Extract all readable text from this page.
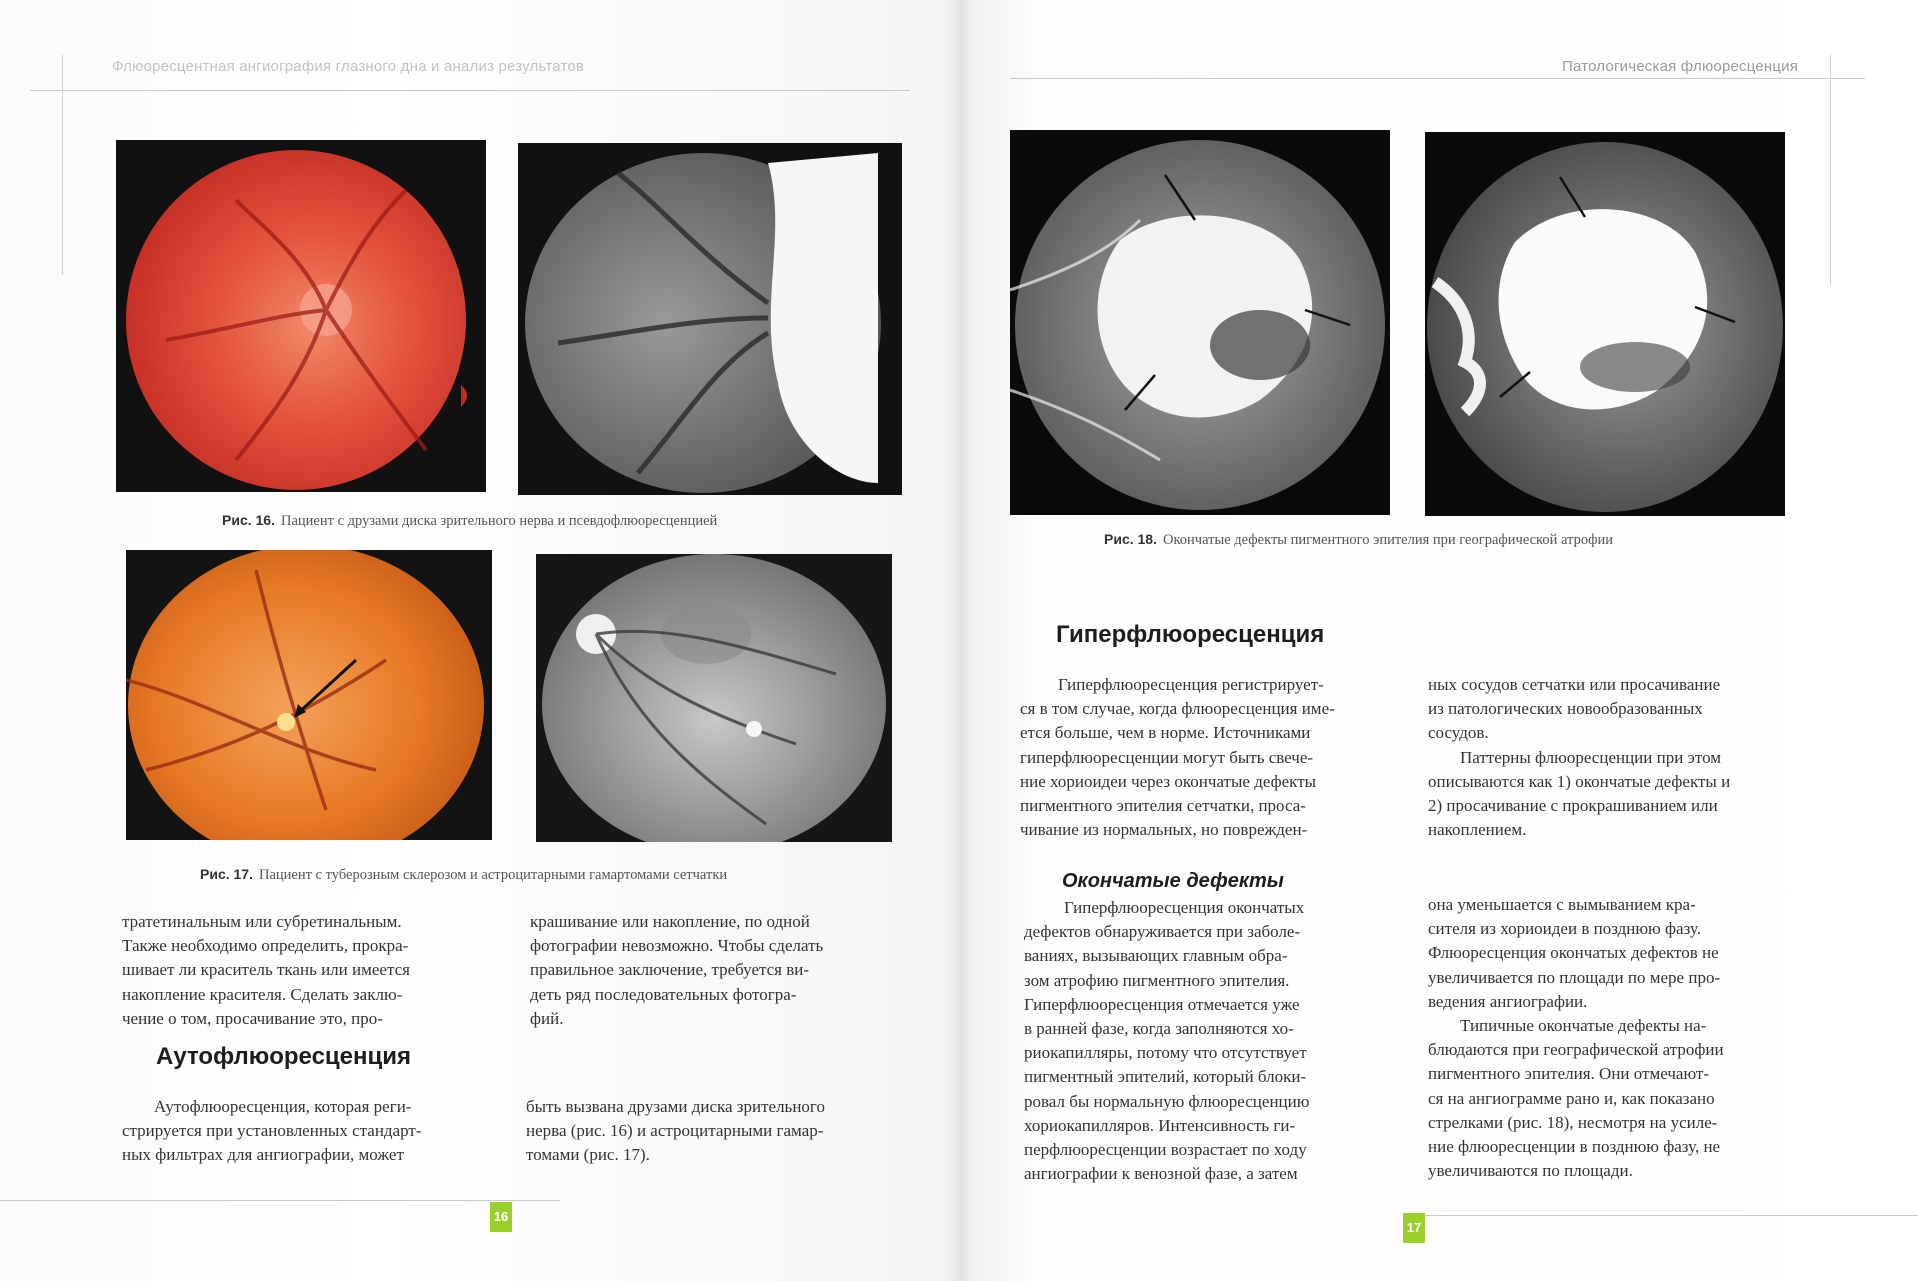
Флюоресцентная ангиография глазного дна и анализ результатов
Рис. 16. Пациент с друзами диска зрительного нерва и псевдофлюоресценцией
Рис. 17. Пациент с туберозным склерозом и астроцитарными гамартомами сетчатки
тратетинальным или субретинальным.
Также необходимо определить, прокра-
шивает ли краситель ткань или имеется
накопление красителя. Сделать заклю-
чение о том, просачивание это, про-
крашивание или накопление, по одной
фотографии невозможно. Чтобы сделать
правильное заключение, требуется ви-
деть ряд последовательных фотогра-
фий.
Аутофлюоресценция
Аутофлюоресценция, которая реги-
стрируется при установленных стандарт-
ных фильтрах для ангиографии, может
быть вызвана друзами диска зрительного
нерва (рис. 16) и астроцитарными гамар-
томами (рис. 17).
16
Патологическая флюоресценция
Рис. 18. Окончатые дефекты пигментного эпителия при географической атрофии
Гиперфлюоресценция
Гиперфлюоресценция регистрирует-
ся в том случае, когда флюоресценция име-
ется больше, чем в норме. Источниками
гиперфлюоресценции могут быть свече-
ние хориоидеи через окончатые дефекты
пигментного эпителия сетчатки, проса-
чивание из нормальных, но поврежден-
ных сосудов сетчатки или просачивание
из патологических новообразованных
сосудов.
Паттерны флюоресценции при этом
описываются как 1) окончатые дефекты и
2) просачивание с прокрашиванием или
накоплением.
Окончатые дефекты
Гиперфлюоресценция окончатых
дефектов обнаруживается при заболе-
ваниях, вызывающих главным обра-
зом атрофию пигментного эпителия.
Гиперфлюоресценция отмечается уже
в ранней фазе, когда заполняются хо-
риокапилляры, потому что отсутствует
пигментный эпителий, который блоки-
ровал бы нормальную флюоресценцию
хориокапилляров. Интенсивность ги-
перфлюоресценции возрастает по ходу
ангиографии к венозной фазе, а затем
она уменьшается с вымыванием кра-
сителя из хориоидеи в позднюю фазу.
Флюоресценция окончатых дефектов не
увеличивается по площади по мере про-
ведения ангиографии.
Типичные окончатые дефекты на-
блюдаются при географической атрофии
пигментного эпителия. Они отмечают-
ся на ангиограмме рано и, как показано
стрелками (рис. 18), несмотря на усиле-
ние флюоресценции в позднюю фазу, не
увеличиваются по площади.
17
